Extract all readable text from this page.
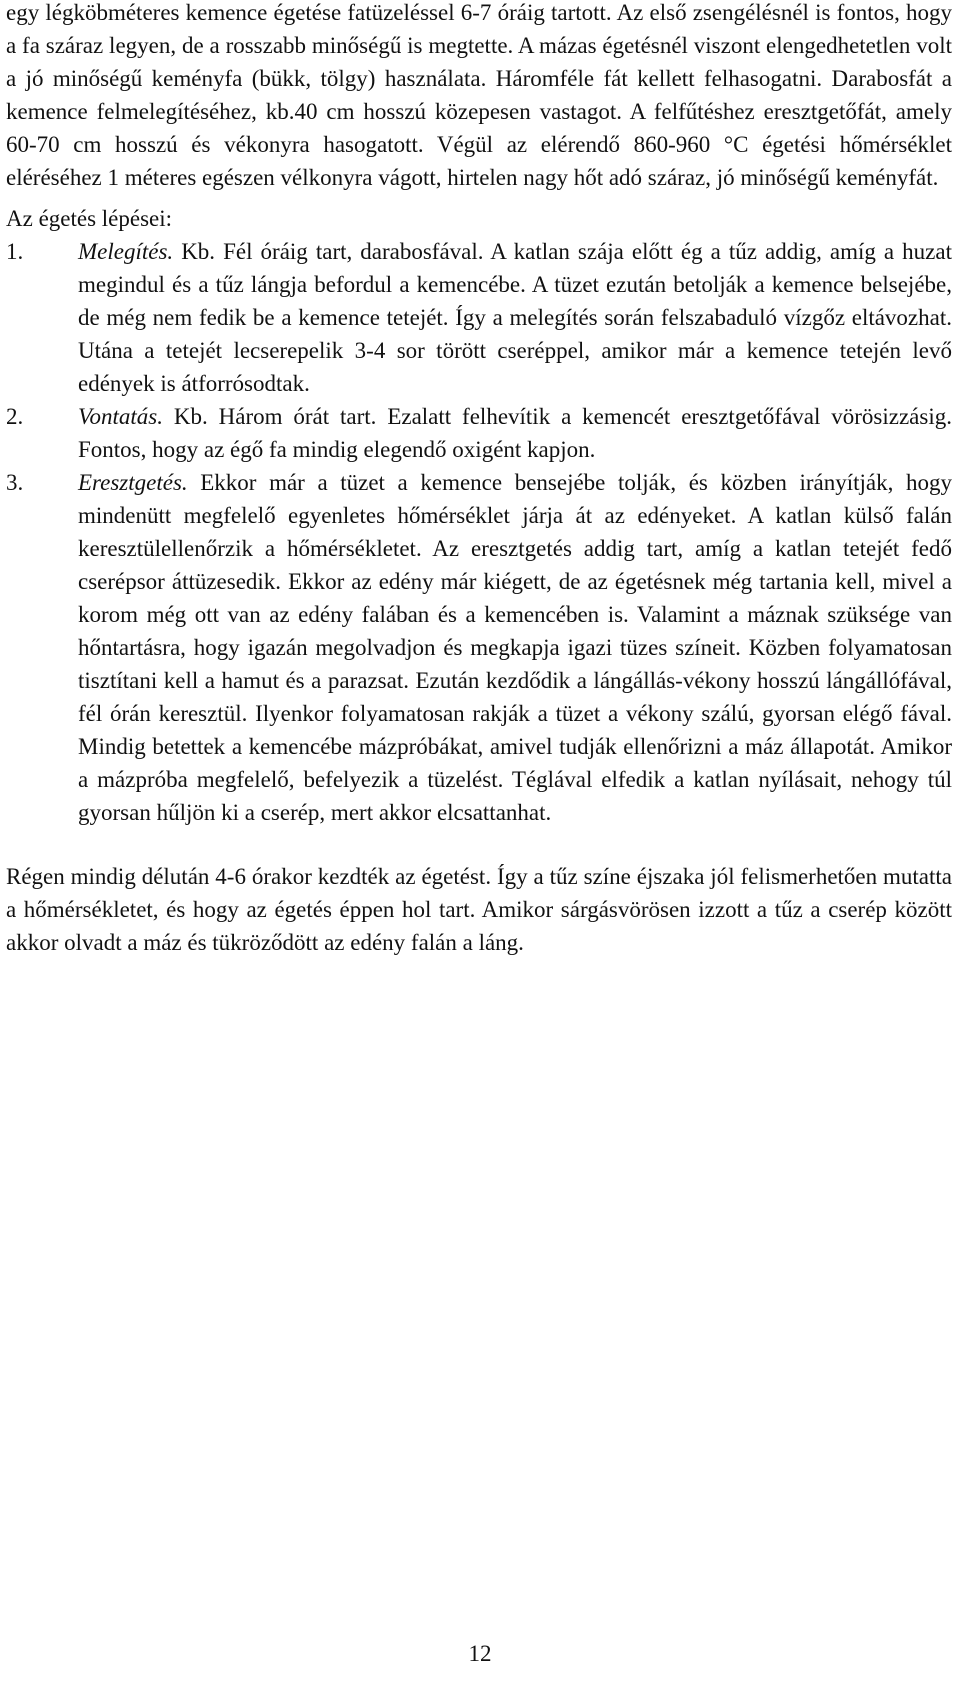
egy légköbméteres kemence égetése fatüzeléssel 6-7 óráig tartott. Az első zsengélésnél is fontos, hogy a fa száraz legyen, de a rosszabb minőségű is megtette. A mázas égetésnél viszont elengedhetetlen volt a jó minőségű keményfa (bükk, tölgy) használata. Háromféle fát kellett felhasogatni. Darabosfát a kemence felmelegítéséhez, kb.40 cm hosszú közepesen vastagot. A felfűtéshez eresztgetőfát, amely 60-70 cm hosszú és vékonyra hasogatott. Végül az elérendő 860-960 °C égetési hőmérséklet eléréséhez 1 méteres egészen vélkonyra vágott, hirtelen nagy hőt adó száraz, jó minőségű keményfát.

Az égetés lépései:

1. Melegítés. Kb. Fél óráig tart, darabosfával. A katlan szája előtt ég a tűz addig, amíg a huzat megindul és a tűz lángja befordul a kemencébe. A tüzet ezután betolják a kemence belsejébe, de még nem fedik be a kemence tetejét. Így a melegítés során felszabaduló vízgőz eltávozhat. Utána a tetejét lecserepelik 3-4 sor törött cseréppel, amikor már a kemence tetején levő edények is átforrósodtak.
2. Vontatás. Kb. Három órát tart. Ezalatt felhevítik a kemencét eresztgetőfával vörösizzásig. Fontos, hogy az égő fa mindig elegendő oxigént kapjon.
3. Eresztgetés. Ekkor már a tüzet a kemence bensejébe tolják, és közben irányítják, hogy mindenütt megfelelő egyenletes hőmérséklet járja át az edényeket. A katlan külső falán keresztülellenőrzik a hőmérsékletet. Az eresztgetés addig tart, amíg a katlan tetejét fedő cserépsor áttüzesedik. Ekkor az edény már kiégett, de az égetésnek még tartania kell, mivel a korom még ott van az edény falában és a kemencében is. Valamint a máznak szüksége van hőntartásra, hogy igazán megolvadjon és megkapja igazi tüzes színeit. Közben folyamatosan tisztítani kell a hamut és a parazsat. Ezután kezdődik a lángállás-vékony hosszú lángállófával, fél órán keresztül. Ilyenkor folyamatosan rakják a tüzet a vékony szálú, gyorsan elégő fával. Mindig betettek a kemencébe mázpróbákat, amivel tudják ellenőrizni a máz állapotát. Amikor a mázpróba megfelelő, befelyezik a tüzelést. Téglával elfedik a katlan nyílásait, nehogy túl gyorsan hűljön ki a cserép, mert akkor elcsattanhat.

Régen mindig délután 4-6 órakor kezdték az égetést. Így a tűz színe éjszaka jól felismerhetően mutatta a hőmérsékletet, és hogy az égetés éppen hol tart. Amikor sárgásvörösen izzott a tűz a cserép között akkor olvadt a máz és tükröződött az edény falán a láng.

12
